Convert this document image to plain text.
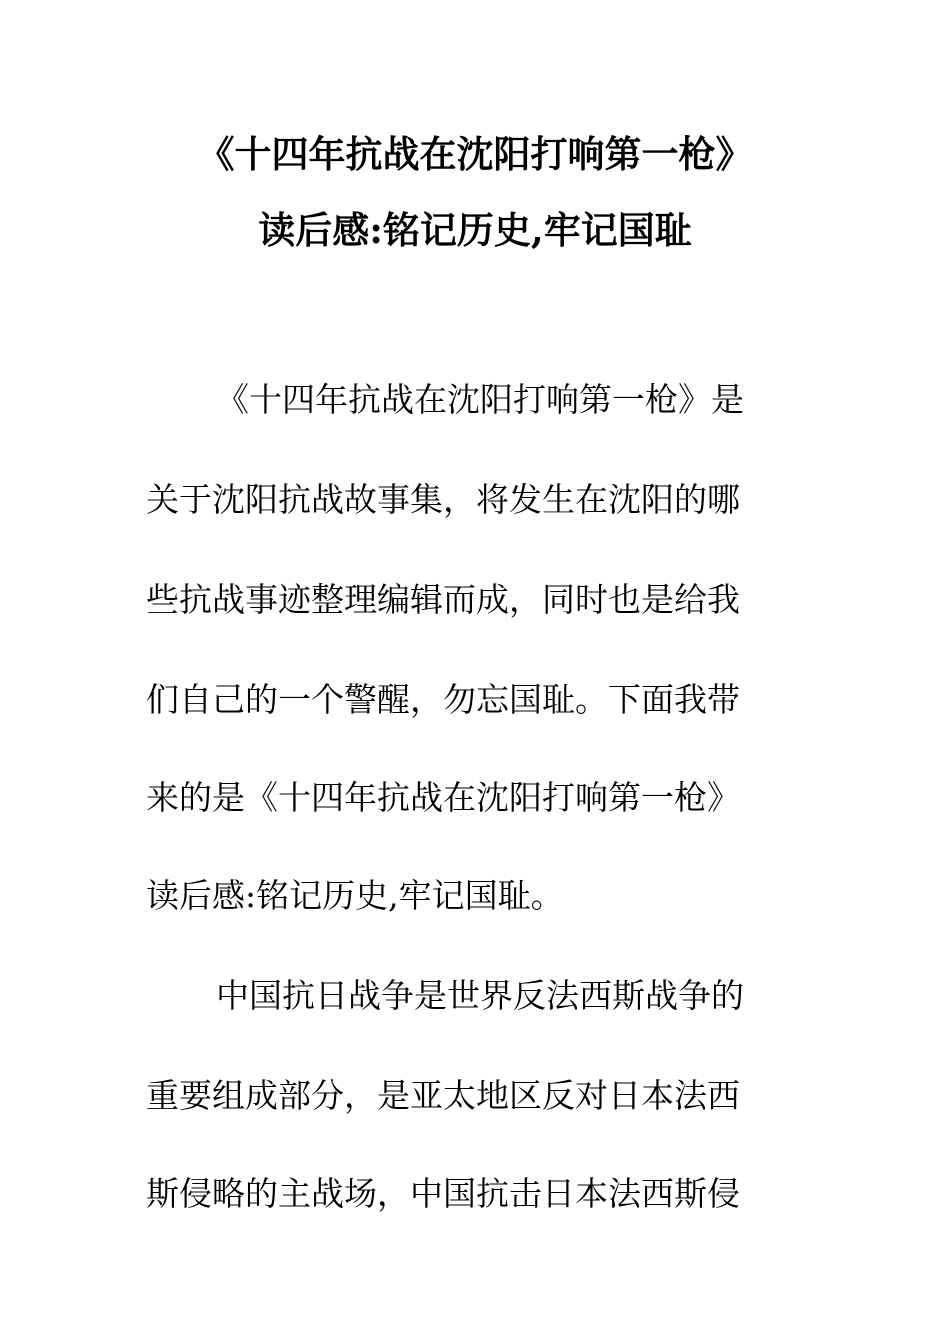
《十四年抗战在沈阳打响第一枪》
读后感:铭记历史,牢记国耻
《十四年抗战在沈阳打响第一枪》是
关于沈阳抗战故事集，将发生在沈阳的哪
些抗战事迹整理编辑而成，同时也是给我
们自己的一个警醒，勿忘国耻。下面我带
来的是《十四年抗战在沈阳打响第一枪》
读后感:铭记历史,牢记国耻。
中国抗日战争是世界反法西斯战争的
重要组成部分，是亚太地区反对日本法西
斯侵略的主战场，中国抗击日本法西斯侵
